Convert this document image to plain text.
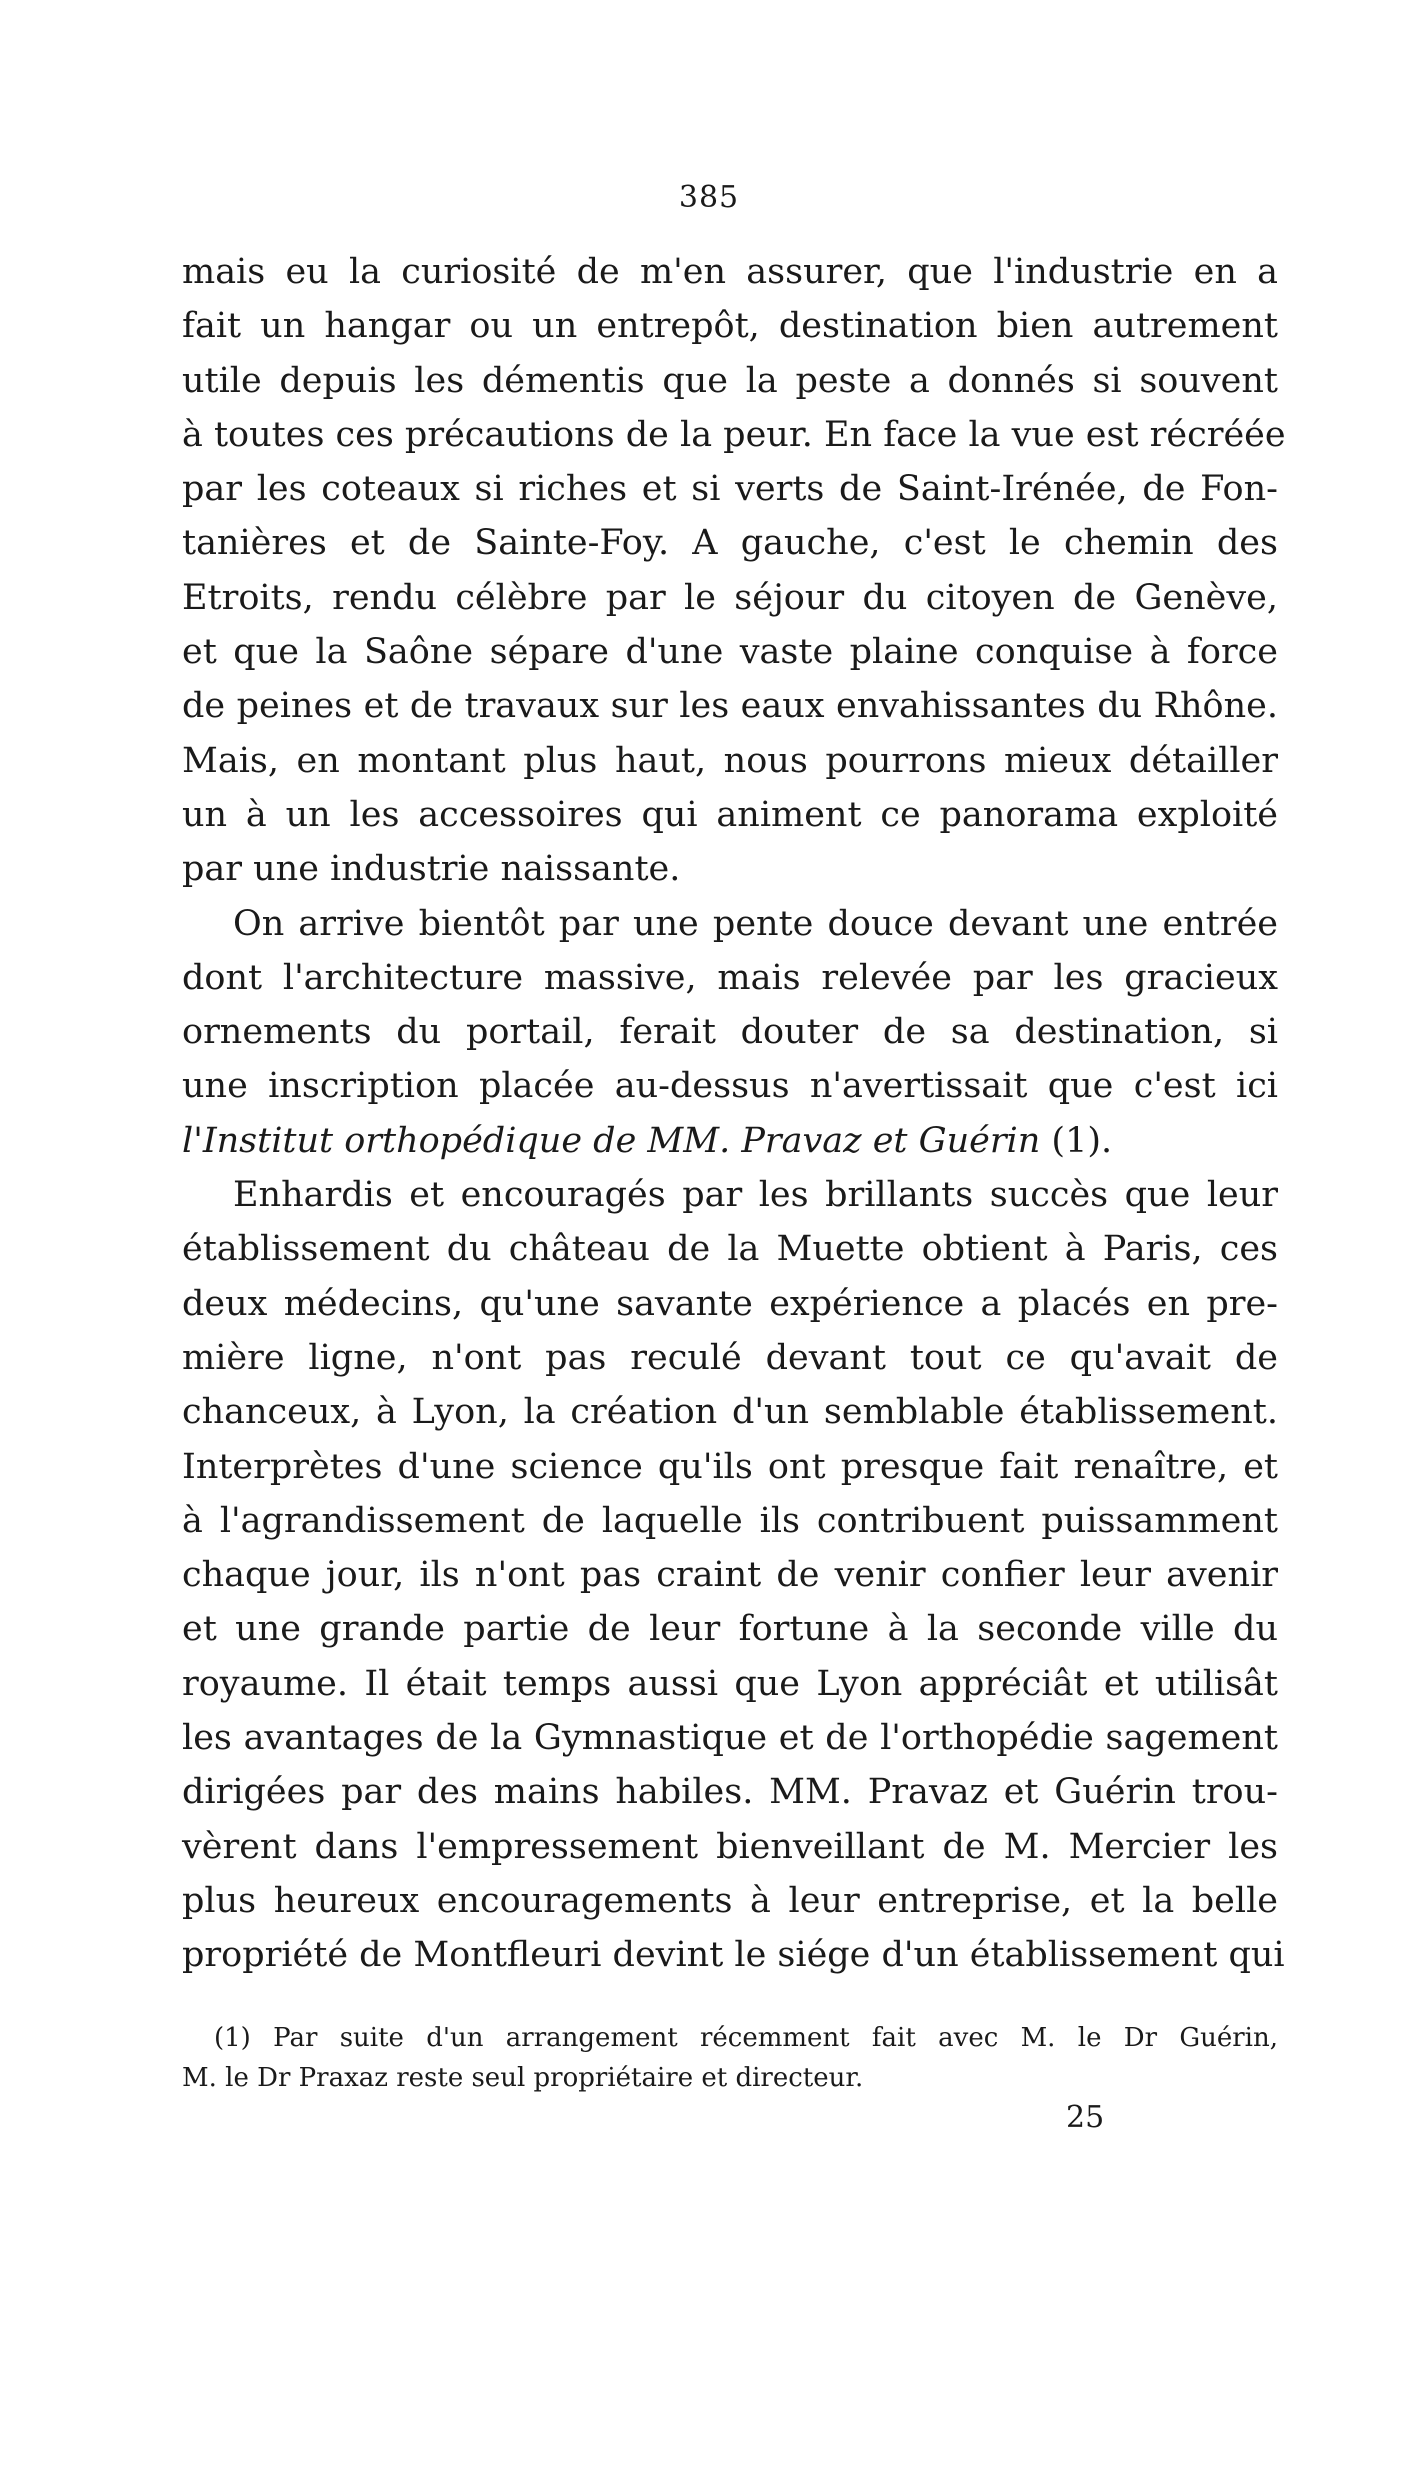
385
mais eu la curiosité de m'en assurer, que l'industrie en a
fait un hangar ou un entrepôt, destination bien autrement
utile depuis les démentis que la peste a donnés si souvent
à toutes ces précautions de la peur. En face la vue est récréée
par les coteaux si riches et si verts de Saint-Irénée, de Fon-
tanières et de Sainte-Foy. A gauche, c'est le chemin des
Etroits, rendu célèbre par le séjour du citoyen de Genève,
et que la Saône sépare d'une vaste plaine conquise à force
de peines et de travaux sur les eaux envahissantes du Rhône.
Mais, en montant plus haut, nous pourrons mieux détailler
un à un les accessoires qui animent ce panorama exploité
par une industrie naissante.
On arrive bientôt par une pente douce devant une entrée
dont l'architecture massive, mais relevée par les gracieux
ornements du portail, ferait douter de sa destination, si
une inscription placée au-dessus n'avertissait que c'est ici
l'Institut orthopédique de MM. Pravaz et Guérin (1).
Enhardis et encouragés par les brillants succès que leur
établissement du château de la Muette obtient à Paris, ces
deux médecins, qu'une savante expérience a placés en pre-
mière ligne, n'ont pas reculé devant tout ce qu'avait de
chanceux, à Lyon, la création d'un semblable établissement.
Interprètes d'une science qu'ils ont presque fait renaître, et
à l'agrandissement de laquelle ils contribuent puissamment
chaque jour, ils n'ont pas craint de venir confier leur avenir
et une grande partie de leur fortune à la seconde ville du
royaume. Il était temps aussi que Lyon appréciât et utilisât
les avantages de la Gymnastique et de l'orthopédie sagement
dirigées par des mains habiles. MM. Pravaz et Guérin trou-
vèrent dans l'empressement bienveillant de M. Mercier les
plus heureux encouragements à leur entreprise, et la belle
propriété de Montfleuri devint le siége d'un établissement qui
(1) Par suite d'un arrangement récemment fait avec M. le Dr Guérin,
M. le Dr Praxaz reste seul propriétaire et directeur.
25
